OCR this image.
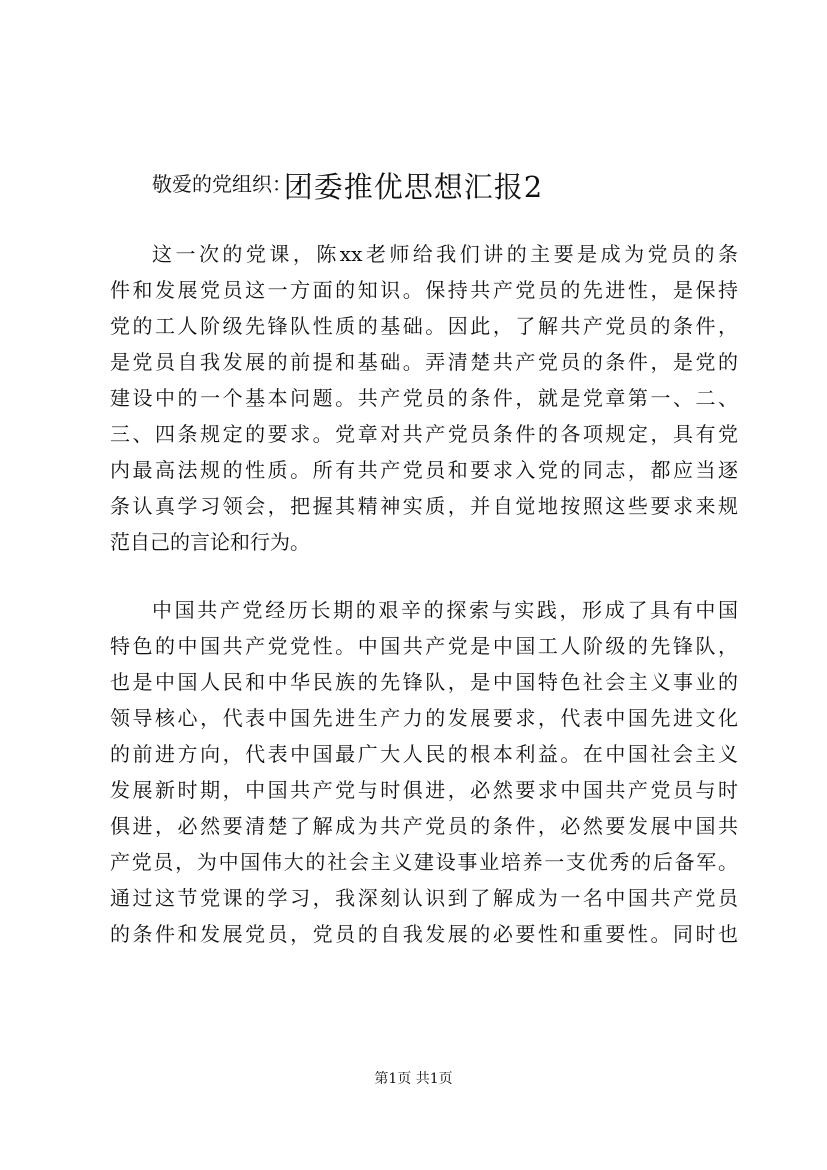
团委推优思想汇报2
敬爱的党组织：
这一次的党课，陈xx老师给我们讲的主要是成为党员的条
件和发展党员这一方面的知识。保持共产党员的先进性，是保持
党的工人阶级先锋队性质的基础。因此，了解共产党员的条件，
是党员自我发展的前提和基础。弄清楚共产党员的条件，是党的
建设中的一个基本问题。共产党员的条件，就是党章第一、二、
三、四条规定的要求。党章对共产党员条件的各项规定，具有党
内最高法规的性质。所有共产党员和要求入党的同志，都应当逐
条认真学习领会，把握其精神实质，并自觉地按照这些要求来规
范自己的言论和行为。
中国共产党经历长期的艰辛的探索与实践，形成了具有中国
特色的中国共产党党性。中国共产党是中国工人阶级的先锋队，
也是中国人民和中华民族的先锋队，是中国特色社会主义事业的
领导核心，代表中国先进生产力的发展要求，代表中国先进文化
的前进方向，代表中国最广大人民的根本利益。在中国社会主义
发展新时期，中国共产党与时俱进，必然要求中国共产党员与时
俱进，必然要清楚了解成为共产党员的条件，必然要发展中国共
产党员，为中国伟大的社会主义建设事业培养一支优秀的后备军。
通过这节党课的学习，我深刻认识到了解成为一名中国共产党员
的条件和发展党员，党员的自我发展的必要性和重要性。同时也
第1页 共1页
